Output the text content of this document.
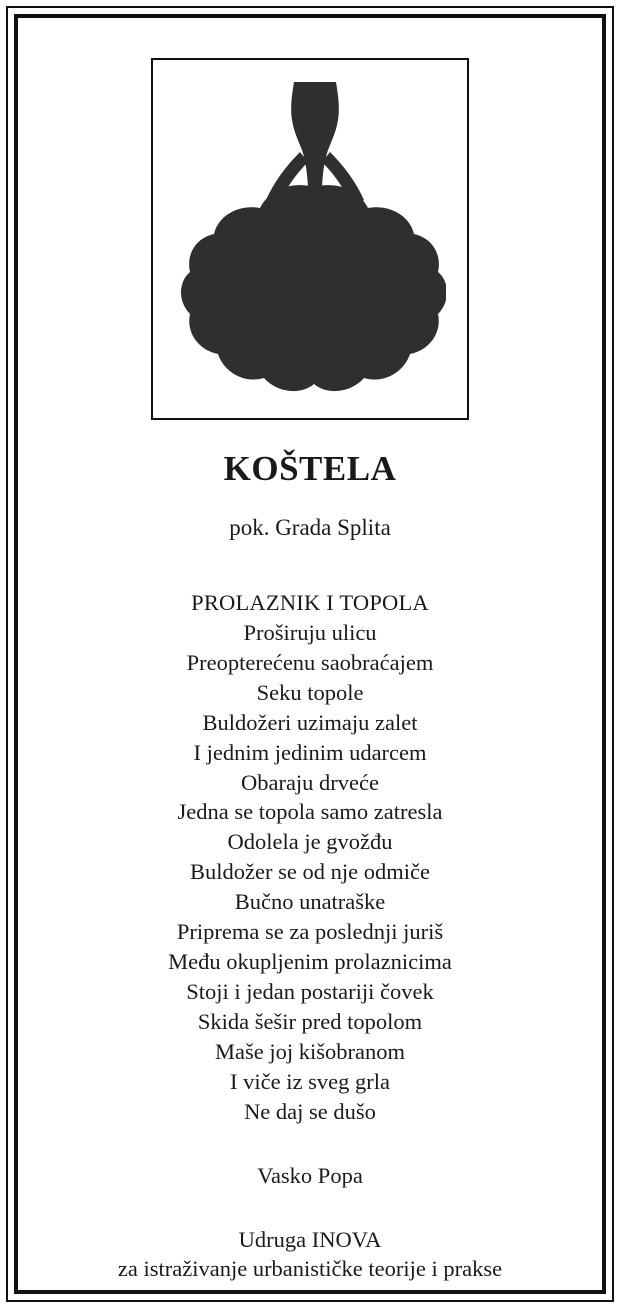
KOŠTELA
pok. Grada Splita
PROLAZNIK I TOPOLA
Proširuju ulicu
Preopterećenu saobraćajem
Seku topole
Buldožeri uzimaju zalet
I jednim jedinim udarcem
Obaraju drveće
Jedna se topola samo zatresla
Odolela je gvožđu
Buldožer se od nje odmiče
Bučno unatraške
Priprema se za poslednji juriš
Među okupljenim prolaznicima
Stoji i jedan postariji čovek
Skida šešir pred topolom
Maše joj kišobranom
I viče iz sveg grla
Ne daj se dušo
Vasko Popa
Udruga INOVA
za istraživanje urbanističke teorije i prakse
